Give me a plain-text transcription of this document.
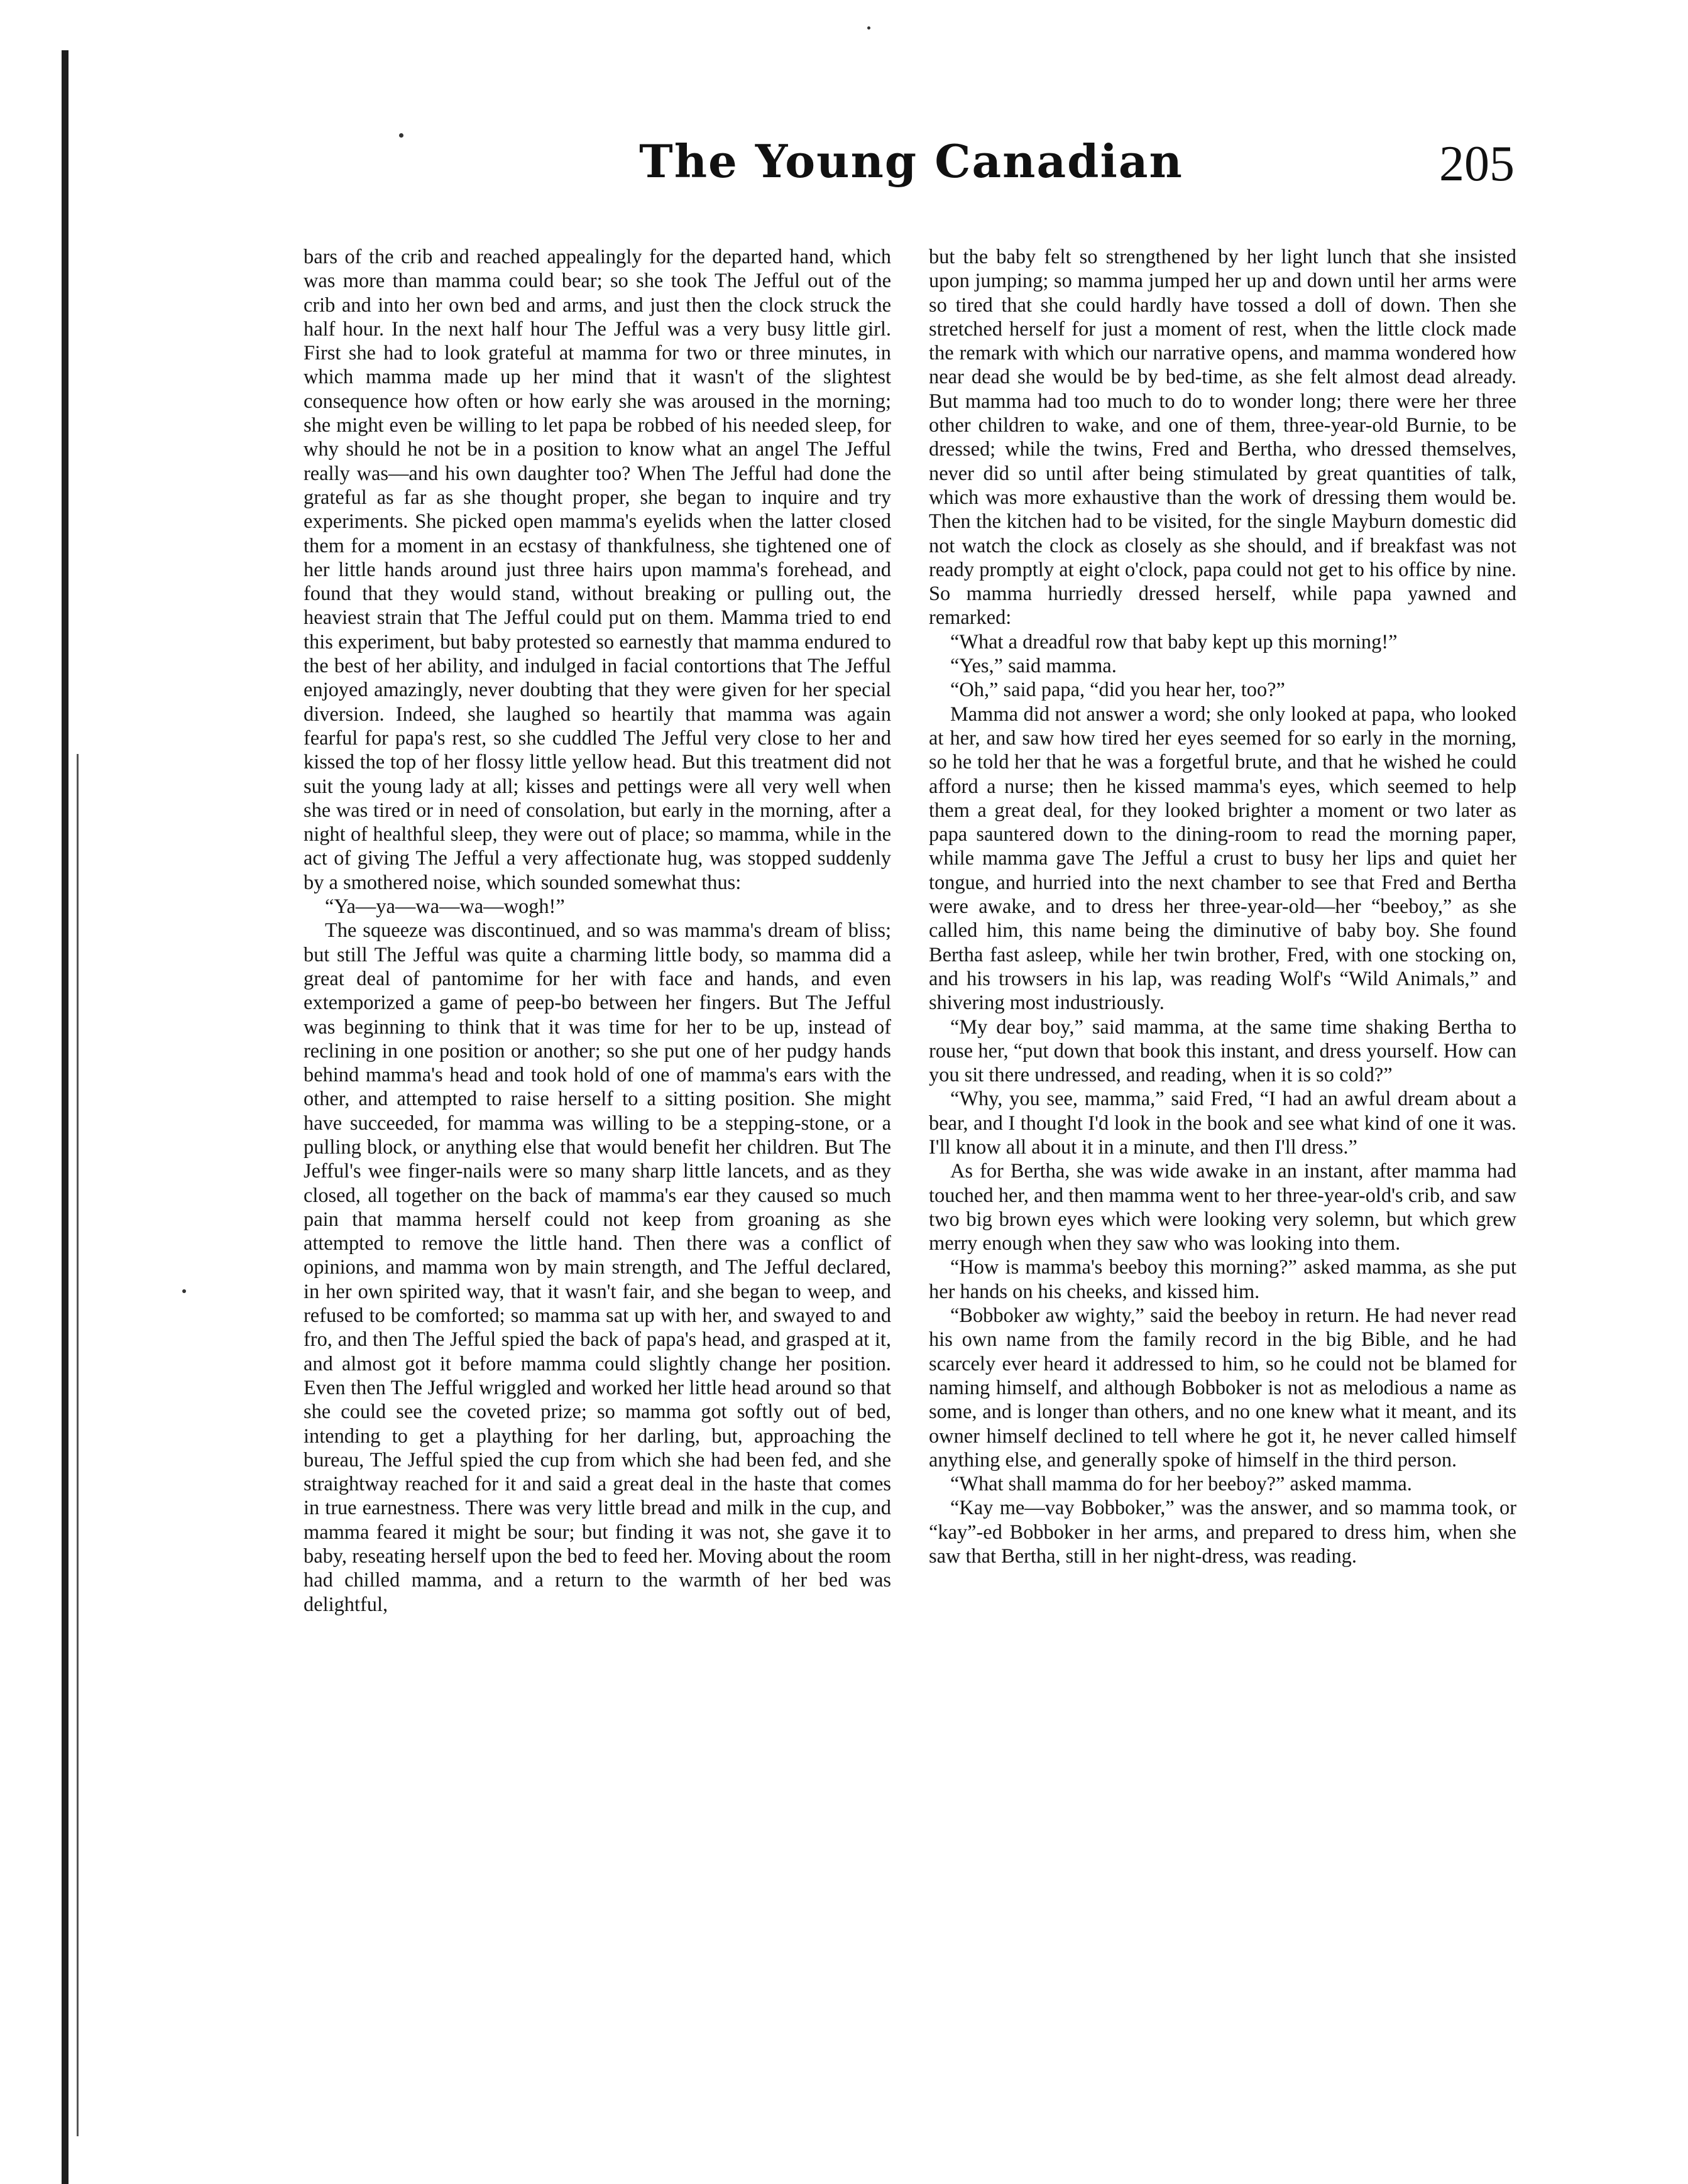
The Young Canadian	205

bars of the crib and reached appealingly for the departed hand, which was more than mamma could bear; so she took The Jefful out of the crib and into her own bed and arms, and just then the clock struck the half hour. In the next half hour The Jefful was a very busy little girl. First she had to look grateful at mamma for two or three minutes, in which mamma made up her mind that it wasn't of the slightest consequence how often or how early she was aroused in the morning; she might even be willing to let papa be robbed of his needed sleep, for why should he not be in a position to know what an angel The Jefful really was—and his own daughter too? When The Jefful had done the grateful as far as she thought proper, she began to inquire and try experiments. She picked open mamma's eyelids when the latter closed them for a moment in an ecstasy of thankfulness, she tightened one of her little hands around just three hairs upon mamma's forehead, and found that they would stand, without breaking or pulling out, the heaviest strain that The Jefful could put on them. Mamma tried to end this experiment, but baby protested so earnestly that mamma endured to the best of her ability, and indulged in facial contortions that The Jefful enjoyed amazingly, never doubting that they were given for her special diversion. Indeed, she laughed so heartily that mamma was again fearful for papa's rest, so she cuddled The Jefful very close to her and kissed the top of her flossy little yellow head. But this treatment did not suit the young lady at all; kisses and pettings were all very well when she was tired or in need of consolation, but early in the morning, after a night of healthful sleep, they were out of place; so mamma, while in the act of giving The Jefful a very affectionate hug, was stopped suddenly by a smothered noise, which sounded somewhat thus:

“Ya—ya—wa—wa—wogh!”

The squeeze was discontinued, and so was mamma's dream of bliss; but still The Jefful was quite a charming little body, so mamma did a great deal of pantomime for her with face and hands, and even extemporized a game of peep-bo between her fingers. But The Jefful was beginning to think that it was time for her to be up, instead of reclining in one position or another; so she put one of her pudgy hands behind mamma's head and took hold of one of mamma's ears with the other, and attempted to raise herself to a sitting position. She might have succeeded, for mamma was willing to be a stepping-stone, or a pulling block, or anything else that would benefit her children. But The Jefful's wee finger-nails were so many sharp little lancets, and as they closed, all together on the back of mamma's ear they caused so much pain that mamma herself could not keep from groaning as she attempted to remove the little hand. Then there was a conflict of opinions, and mamma won by main strength, and The Jefful declared, in her own spirited way, that it wasn't fair, and she began to weep, and refused to be comforted; so mamma sat up with her, and swayed to and fro, and then The Jefful spied the back of papa's head, and grasped at it, and almost got it before mamma could slightly change her position. Even then The Jefful wriggled and worked her little head around so that she could see the coveted prize; so mamma got softly out of bed, intending to get a plaything for her darling, but, approaching the bureau, The Jefful spied the cup from which she had been fed, and she straightway reached for it and said a great deal in the haste that comes in true earnestness. There was very little bread and milk in the cup, and mamma feared it might be sour; but finding it was not, she gave it to baby, reseating herself upon the bed to feed her. Moving about the room had chilled mamma, and a return to the warmth of her bed was delightful,

but the baby felt so strengthened by her light lunch that she insisted upon jumping; so mamma jumped her up and down until her arms were so tired that she could hardly have tossed a doll of down. Then she stretched herself for just a moment of rest, when the little clock made the remark with which our narrative opens, and mamma wondered how near dead she would be by bed-time, as she felt almost dead already. But mamma had too much to do to wonder long; there were her three other children to wake, and one of them, three-year-old Burnie, to be dressed; while the twins, Fred and Bertha, who dressed themselves, never did so until after being stimulated by great quantities of talk, which was more exhaustive than the work of dressing them would be. Then the kitchen had to be visited, for the single Mayburn domestic did not watch the clock as closely as she should, and if breakfast was not ready promptly at eight o'clock, papa could not get to his office by nine. So mamma hurriedly dressed herself, while papa yawned and remarked:

“What a dreadful row that baby kept up this morning!”

“Yes,” said mamma.

“Oh,” said papa, “did you hear her, too?”

Mamma did not answer a word; she only looked at papa, who looked at her, and saw how tired her eyes seemed for so early in the morning, so he told her that he was a forgetful brute, and that he wished he could afford a nurse; then he kissed mamma's eyes, which seemed to help them a great deal, for they looked brighter a moment or two later as papa sauntered down to the dining-room to read the morning paper, while mamma gave The Jefful a crust to busy her lips and quiet her tongue, and hurried into the next chamber to see that Fred and Bertha were awake, and to dress her three-year-old—her “beeboy,” as she called him, this name being the diminutive of baby boy. She found Bertha fast asleep, while her twin brother, Fred, with one stocking on, and his trowsers in his lap, was reading Wolf's “Wild Animals,” and shivering most industriously.

“My dear boy,” said mamma, at the same time shaking Bertha to rouse her, “put down that book this instant, and dress yourself. How can you sit there undressed, and reading, when it is so cold?”

“Why, you see, mamma,” said Fred, “I had an awful dream about a bear, and I thought I'd look in the book and see what kind of one it was. I'll know all about it in a minute, and then I'll dress.”

As for Bertha, she was wide awake in an instant, after mamma had touched her, and then mamma went to her three-year-old's crib, and saw two big brown eyes which were looking very solemn, but which grew merry enough when they saw who was looking into them.

“How is mamma's beeboy this morning?” asked mamma, as she put her hands on his cheeks, and kissed him.

“Bobboker aw wighty,” said the beeboy in return. He had never read his own name from the family record in the big Bible, and he had scarcely ever heard it addressed to him, so he could not be blamed for naming himself, and although Bobboker is not as melodious a name as some, and is longer than others, and no one knew what it meant, and its owner himself declined to tell where he got it, he never called himself anything else, and generally spoke of himself in the third person.

“What shall mamma do for her beeboy?” asked mamma.

“Kay me—vay Bobboker,” was the answer, and so mamma took, or “kay”-ed Bobboker in her arms, and prepared to dress him, when she saw that Bertha, still in her night-dress, was reading.
